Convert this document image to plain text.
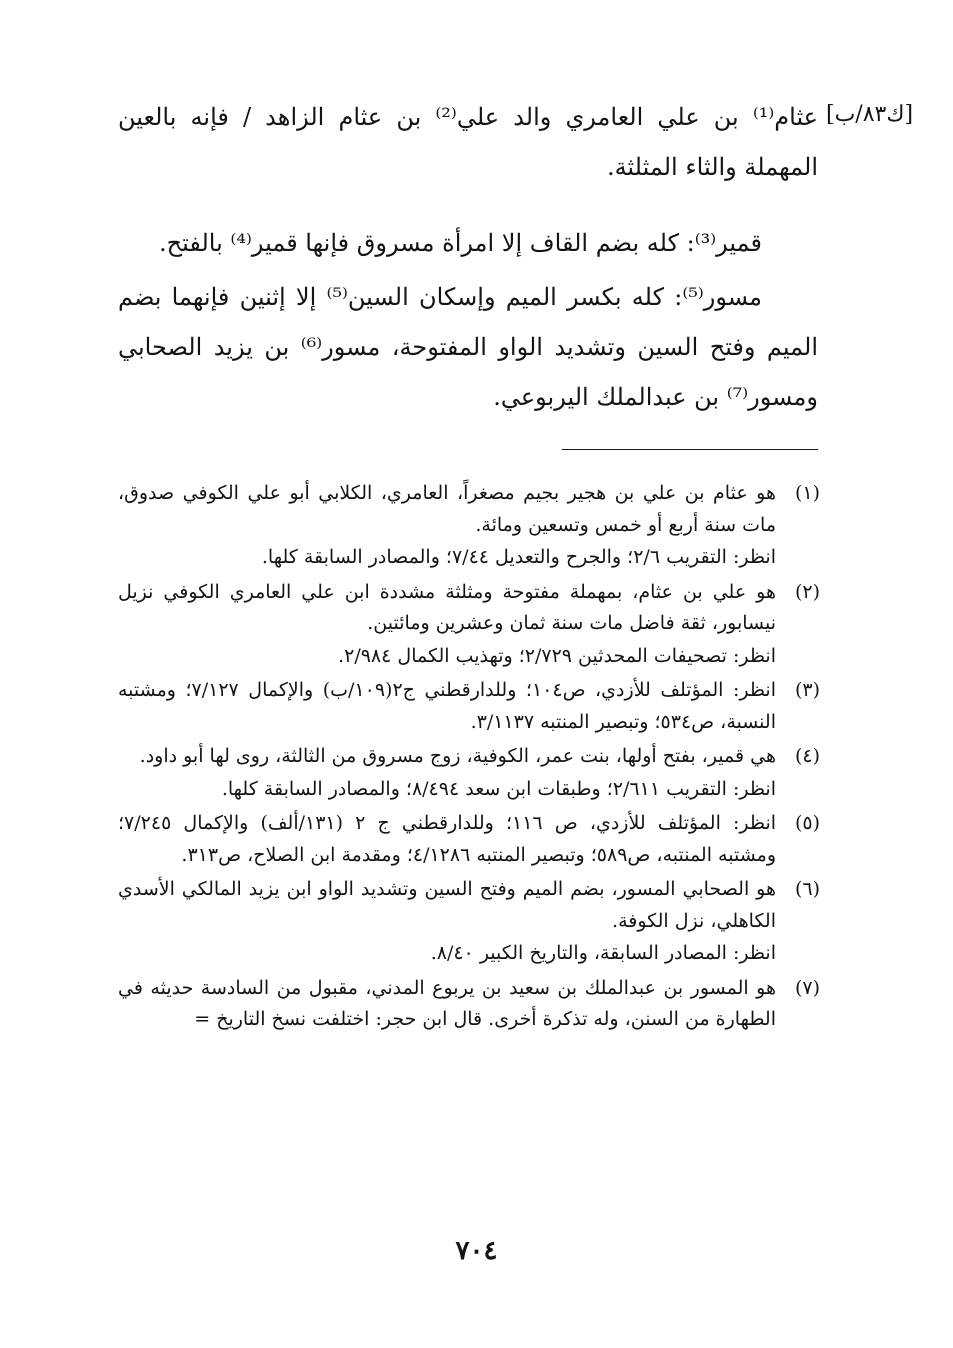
[ك٨٣/ب]

عثام⁽¹⁾ بن علي العامري والد علي⁽²⁾ بن عثام الزاهد / فإنه بالعين المهملة والثاء المثلثة.

قمير⁽³⁾: كله بضم القاف إلا امرأة مسروق فإنها قمير⁽⁴⁾ بالفتح.

مسور⁽⁵⁾: كله بكسر الميم وإسكان السين⁽⁵⁾ إلا إثنين فإنهما بضم الميم وفتح السين وتشديد الواو المفتوحة، مسور⁽⁶⁾ بن يزيد الصحابي ومسور⁽⁷⁾ بن عبدالملك اليربوعي.

(١)
هو عثام بن علي بن هجير بجيم مصغراً، العامري، الكلابي أبو علي الكوفي صدوق، مات سنة أربع أو خمس وتسعين ومائة.
انظر: التقريب ٢/٦؛ والجرح والتعديل ٧/٤٤؛ والمصادر السابقة كلها.
(٢)
هو علي بن عثام، بمهملة مفتوحة ومثلثة مشددة ابن علي العامري الكوفي نزيل نيسابور، ثقة فاضل مات سنة ثمان وعشرين ومائتين.
انظر: تصحيفات المحدثين ٢/٧٢٩؛ وتهذيب الكمال ٢/٩٨٤.
(٣)
انظر: المؤتلف للأزدي، ص١٠٤؛ وللدارقطني ج٢(١٠٩/ب) والإكمال ٧/١٢٧؛ ومشتبه النسبة، ص٥٣٤؛ وتبصير المنتبه ٣/١١٣٧.
(٤)
هي قمير، بفتح أولها، بنت عمر، الكوفية، زوج مسروق من الثالثة، روى لها أبو داود.
انظر: التقريب ٢/٦١١؛ وطبقات ابن سعد ٨/٤٩٤؛ والمصادر السابقة كلها.
(٥)
انظر: المؤتلف للأزدي، ص ١١٦؛ وللدارقطني ج ٢ (١٣١/ألف) والإكمال ٧/٢٤٥؛ ومشتبه المنتبه، ص٥٨٩؛ وتبصير المنتبه ٤/١٢٨٦؛ ومقدمة ابن الصلاح، ص٣١٣.
(٦)
هو الصحابي المسور، بضم الميم وفتح السين وتشديد الواو ابن يزيد المالكي الأسدي الكاهلي، نزل الكوفة.
انظر: المصادر السابقة، والتاريخ الكبير ٨/٤٠.
(٧)
هو المسور بن عبدالملك بن سعيد بن يربوع المدني، مقبول من السادسة حديثه في الطهارة من السنن، وله تذكرة أخرى. قال ابن حجر: اختلفت نسخ التاريخ =
٧٠٤
